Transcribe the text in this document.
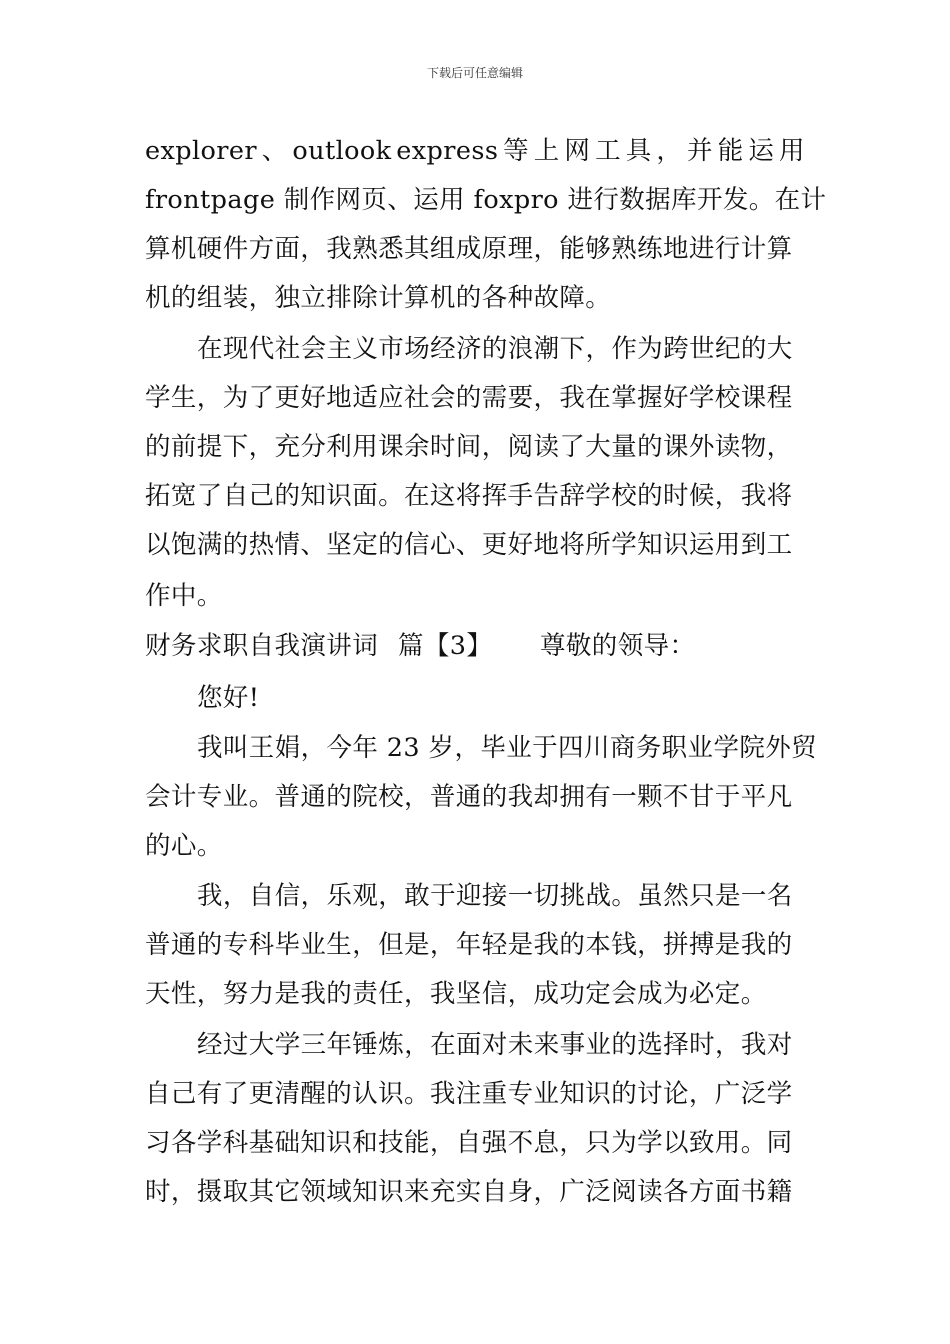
下载后可任意编辑
explorer 、 outlook express 等 上 网 工 具 ， 并 能 运 用
frontpage 制作网页、运用 foxpro 进行数据库开发。在计
算机硬件方面，我熟悉其组成原理，能够熟练地进行计算
机的组装，独立排除计算机的各种故障。
在现代社会主义市场经济的浪潮下，作为跨世纪的大
学生，为了更好地适应社会的需要，我在掌握好学校课程
的前提下，充分利用课余时间，阅读了大量的课外读物，
拓宽了自己的知识面。在这将挥手告辞学校的时候，我将
以饱满的热情、坚定的信心、更好地将所学知识运用到工
作中。
财务求职自我演讲词 篇【3】 尊敬的领导：
您好!
我叫王娟，今年 23 岁，毕业于四川商务职业学院外贸
会计专业。普通的院校，普通的我却拥有一颗不甘于平凡
的心。
我，自信，乐观，敢于迎接一切挑战。虽然只是一名
普通的专科毕业生，但是，年轻是我的本钱，拼搏是我的
天性，努力是我的责任，我坚信，成功定会成为必定。
经过大学三年锤炼，在面对未来事业的选择时，我对
自己有了更清醒的认识。我注重专业知识的讨论，广泛学
习各学科基础知识和技能，自强不息，只为学以致用。同
时，摄取其它领域知识来充实自身，广泛阅读各方面书籍
